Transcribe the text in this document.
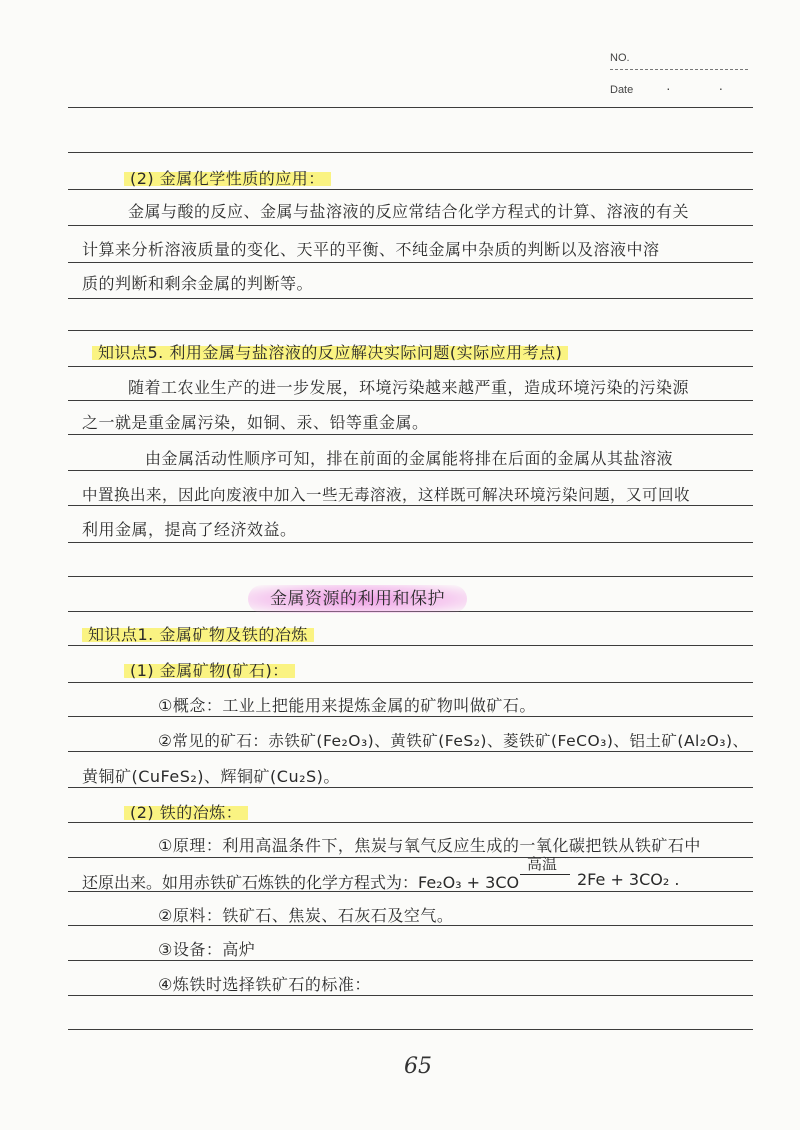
NO.
Date · ·
(2) 金属化学性质的应用：
金属与酸的反应、金属与盐溶液的反应常结合化学方程式的计算、溶液的有关
计算来分析溶液质量的变化、天平的平衡、不纯金属中杂质的判断以及溶液中溶
质的判断和剩余金属的判断等。
知识点5. 利用金属与盐溶液的反应解决实际问题(实际应用考点)
随着工农业生产的进一步发展，环境污染越来越严重，造成环境污染的污染源
之一就是重金属污染，如铜、汞、铅等重金属。
由金属活动性顺序可知，排在前面的金属能将排在后面的金属从其盐溶液
中置换出来，因此向废液中加入一些无毒溶液，这样既可解决环境污染问题，又可回收
利用金属，提高了经济效益。
金属资源的利用和保护
知识点1. 金属矿物及铁的冶炼
(1) 金属矿物(矿石)：
①概念：工业上把能用来提炼金属的矿物叫做矿石。
②常见的矿石：赤铁矿(Fe₂O₃)、黄铁矿(FeS₂)、菱铁矿(FeCO₃)、铝土矿(Al₂O₃)、
黄铜矿(CuFeS₂)、辉铜矿(Cu₂S)。
(2) 铁的冶炼：
①原理：利用高温条件下，焦炭与氧气反应生成的一氧化碳把铁从铁矿石中
还原出来。如用赤铁矿石炼铁的化学方程式为：Fe₂O₃ + 3CO
高温
2Fe + 3CO₂ .
②原料：铁矿石、焦炭、石灰石及空气。
③设备：高炉
④炼铁时选择铁矿石的标准：
65
